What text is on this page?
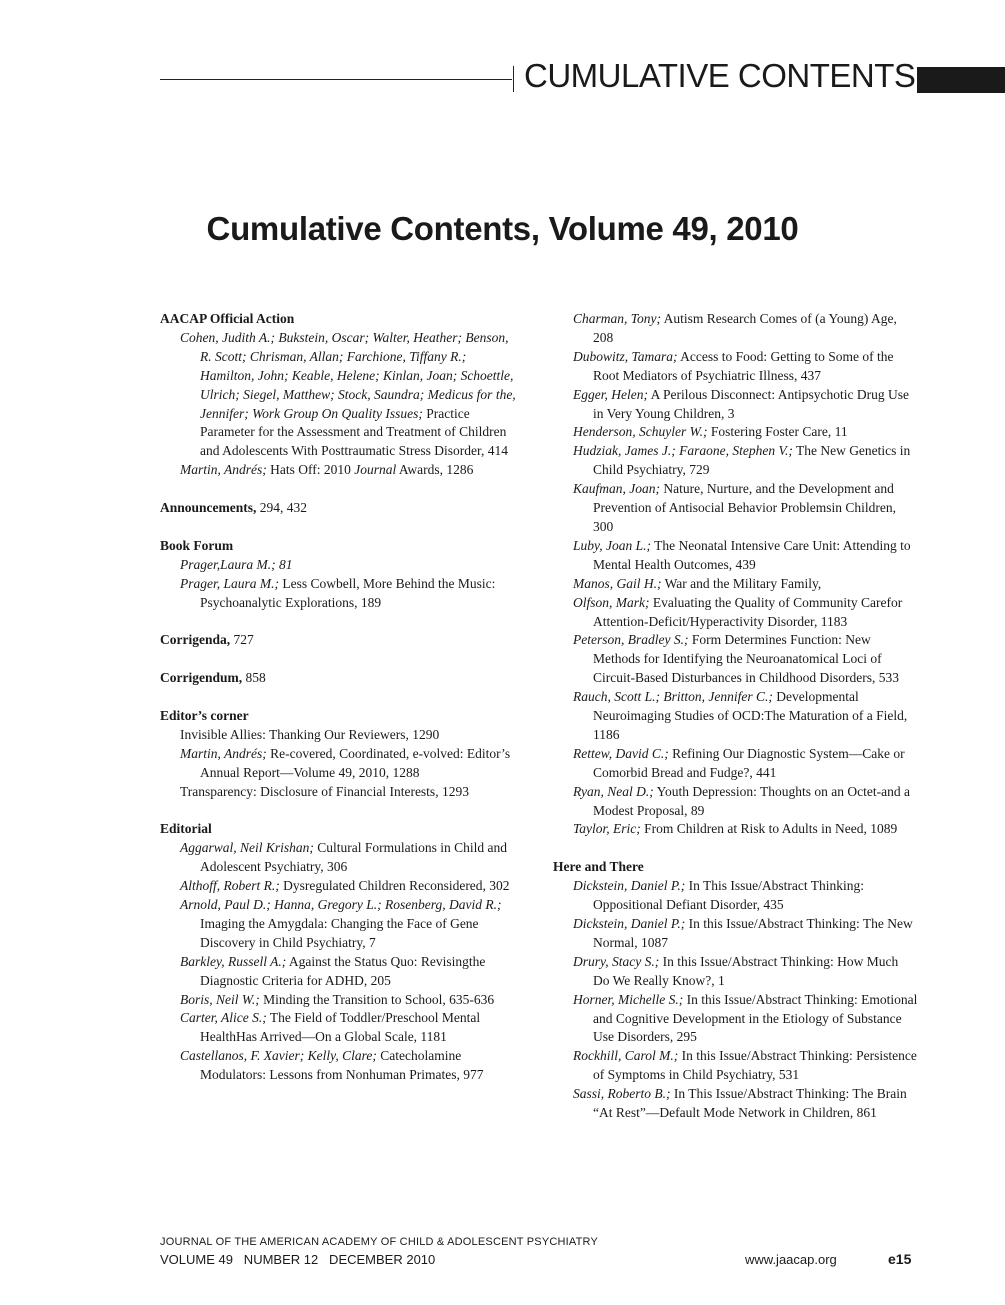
CUMULATIVE CONTENTS
Cumulative Contents, Volume 49, 2010
AACAP Official Action
Cohen, Judith A.; Bukstein, Oscar; Walter, Heather; Benson, R. Scott; Chrisman, Allan; Farchione, Tiffany R.; Hamilton, John; Keable, Helene; Kinlan, Joan; Schoettle, Ulrich; Siegel, Matthew; Stock, Saundra; Medicus for the, Jennifer; Work Group On Quality Issues; Practice Parameter for the Assessment and Treatment of Children and Adolescents With Posttraumatic Stress Disorder, 414
Martin, Andrés; Hats Off: 2010 Journal Awards, 1286
Announcements, 294, 432
Book Forum
Prager,Laura M.; 81
Prager, Laura M.; Less Cowbell, More Behind the Music: Psychoanalytic Explorations, 189
Corrigenda, 727
Corrigendum, 858
Editor’s corner
Invisible Allies: Thanking Our Reviewers, 1290
Martin, Andrés; Re-covered, Coordinated, e-volved: Editor’s Annual Report—Volume 49, 2010, 1288
Transparency: Disclosure of Financial Interests, 1293
Editorial
Aggarwal, Neil Krishan; Cultural Formulations in Child and Adolescent Psychiatry, 306
Althoff, Robert R.; Dysregulated Children Reconsidered, 302
Arnold, Paul D.; Hanna, Gregory L.; Rosenberg, David R.; Imaging the Amygdala: Changing the Face of Gene Discovery in Child Psychiatry, 7
Barkley, Russell A.; Against the Status Quo: Revisingthe Diagnostic Criteria for ADHD, 205
Boris, Neil W.; Minding the Transition to School, 635-636
Carter, Alice S.; The Field of Toddler/Preschool Mental HealthHas Arrived—On a Global Scale, 1181
Castellanos, F. Xavier; Kelly, Clare; Catecholamine Modulators: Lessons from Nonhuman Primates, 977
Charman, Tony; Autism Research Comes of (a Young) Age, 208
Dubowitz, Tamara; Access to Food: Getting to Some of the Root Mediators of Psychiatric Illness, 437
Egger, Helen; A Perilous Disconnect: Antipsychotic Drug Use in Very Young Children, 3
Henderson, Schuyler W.; Fostering Foster Care, 11
Hudziak, James J.; Faraone, Stephen V.; The New Genetics in Child Psychiatry, 729
Kaufman, Joan; Nature, Nurture, and the Development and Prevention of Antisocial Behavior Problemsin Children, 300
Luby, Joan L.; The Neonatal Intensive Care Unit: Attending to Mental Health Outcomes, 439
Manos, Gail H.; War and the Military Family,
Olfson, Mark; Evaluating the Quality of Community Carefor Attention-Deficit/Hyperactivity Disorder, 1183
Peterson, Bradley S.; Form Determines Function: New Methods for Identifying the Neuroanatomical Loci of Circuit-Based Disturbances in Childhood Disorders, 533
Rauch, Scott L.; Britton, Jennifer C.; Developmental Neuroimaging Studies of OCD:The Maturation of a Field, 1186
Rettew, David C.; Refining Our Diagnostic System—Cake or Comorbid Bread and Fudge?, 441
Ryan, Neal D.; Youth Depression: Thoughts on an Octet-and a Modest Proposal, 89
Taylor, Eric; From Children at Risk to Adults in Need, 1089
Here and There
Dickstein, Daniel P.; In This Issue/Abstract Thinking: Oppositional Defiant Disorder, 435
Dickstein, Daniel P.; In this Issue/Abstract Thinking: The New Normal, 1087
Drury, Stacy S.; In this Issue/Abstract Thinking: How Much Do We Really Know?, 1
Horner, Michelle S.; In this Issue/Abstract Thinking: Emotional and Cognitive Development in the Etiology of Substance Use Disorders, 295
Rockhill, Carol M.; In this Issue/Abstract Thinking: Persistence of Symptoms in Child Psychiatry, 531
Sassi, Roberto B.; In This Issue/Abstract Thinking: The Brain “At Rest”—Default Mode Network in Children, 861
JOURNAL OF THE AMERICAN ACADEMY OF CHILD & ADOLESCENT PSYCHIATRY
VOLUME 49   NUMBER 12   DECEMBER 2010	www.jaacap.org	e15
